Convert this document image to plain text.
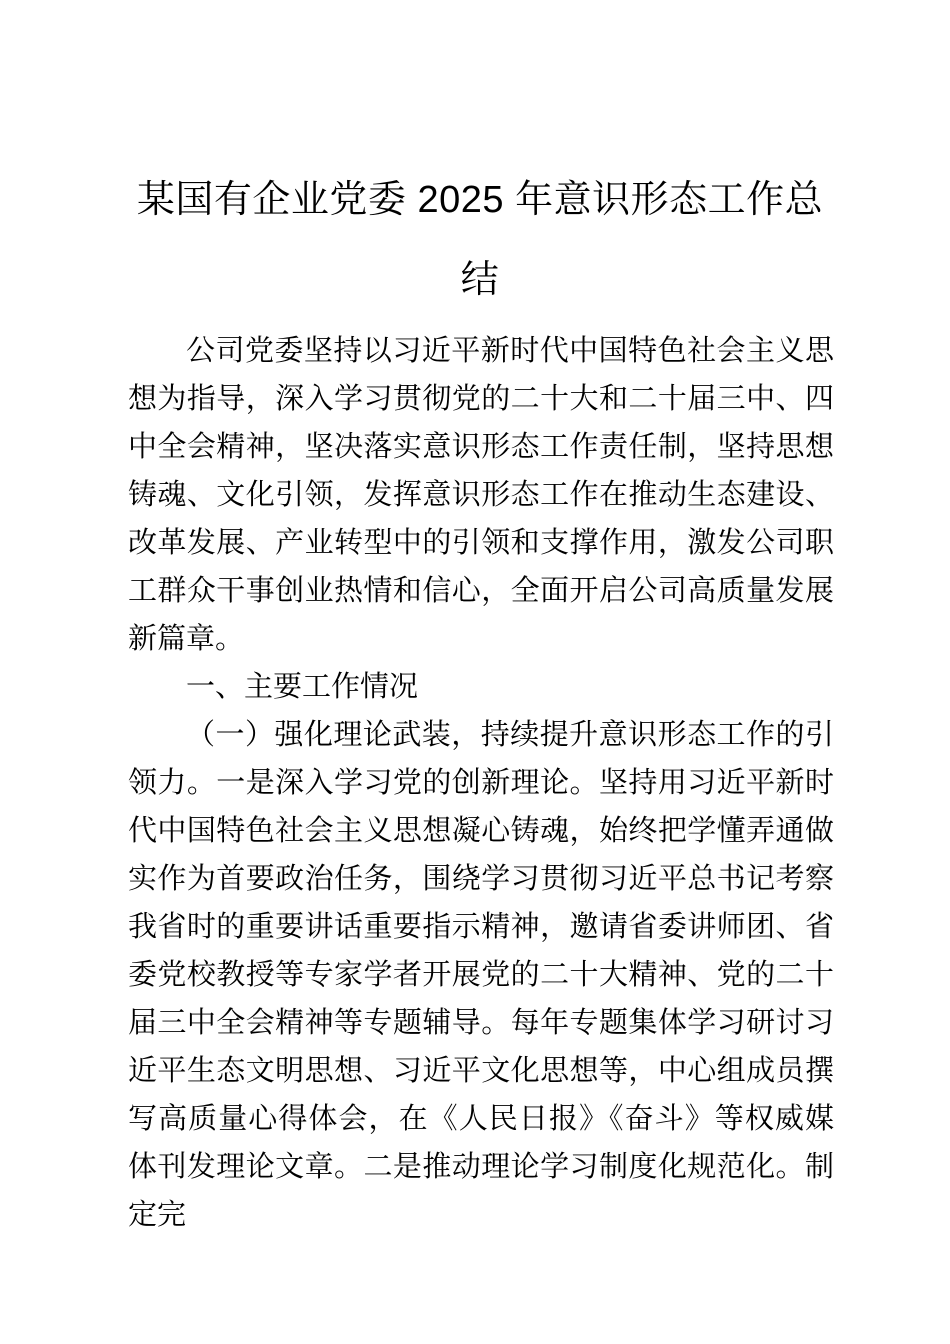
某国有企业党委 2025 年意识形态工作总结

公司党委坚持以习近平新时代中国特色社会主义思想为指导，深入学习贯彻党的二十大和二十届三中、四中全会精神，坚决落实意识形态工作责任制，坚持思想铸魂、文化引领，发挥意识形态工作在推动生态建设、改革发展、产业转型中的引领和支撑作用，激发公司职工群众干事创业热情和信心，全面开启公司高质量发展新篇章。

一、主要工作情况

（一）强化理论武装，持续提升意识形态工作的引领力。一是深入学习党的创新理论。坚持用习近平新时代中国特色社会主义思想凝心铸魂，始终把学懂弄通做实作为首要政治任务，围绕学习贯彻习近平总书记考察我省时的重要讲话重要指示精神，邀请省委讲师团、省委党校教授等专家学者开展党的二十大精神、党的二十届三中全会精神等专题辅导。每年专题集体学习研讨习近平生态文明思想、习近平文化思想等，中心组成员撰写高质量心得体会，在《人民日报》《奋斗》等权威媒体刊发理论文章。二是推动理论学习制度化规范化。制定完
